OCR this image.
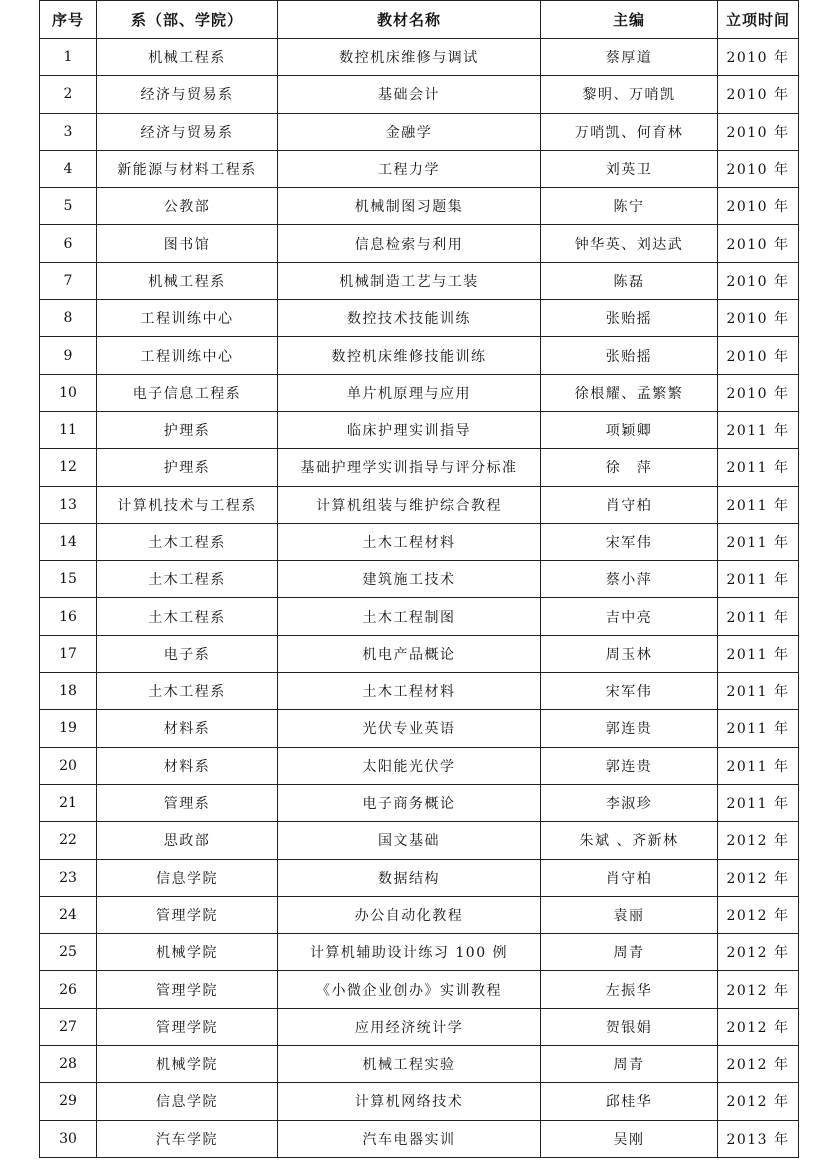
序号	系（部、学院）	教材名称	主编	立项时间
1	机械工程系	数控机床维修与调试	蔡厚道	2010 年
2	经济与贸易系	基础会计	黎明、万哨凯	2010 年
3	经济与贸易系	金融学	万哨凯、何育林	2010 年
4	新能源与材料工程系	工程力学	刘英卫	2010 年
5	公教部	机械制图习题集	陈宁	2010 年
6	图书馆	信息检索与利用	钟华英、刘达武	2010 年
7	机械工程系	机械制造工艺与工装	陈磊	2010 年
8	工程训练中心	数控技术技能训练	张贻摇	2010 年
9	工程训练中心	数控机床维修技能训练	张贻摇	2010 年
10	电子信息工程系	单片机原理与应用	徐根耀、孟繁繁	2010 年
11	护理系	临床护理实训指导	项颖卿	2011 年
12	护理系	基础护理学实训指导与评分标准	徐　萍	2011 年
13	计算机技术与工程系	计算机组装与维护综合教程	肖守柏	2011 年
14	土木工程系	土木工程材料	宋军伟	2011 年
15	土木工程系	建筑施工技术	蔡小萍	2011 年
16	土木工程系	土木工程制图	吉中亮	2011 年
17	电子系	机电产品概论	周玉林	2011 年
18	土木工程系	土木工程材料	宋军伟	2011 年
19	材料系	光伏专业英语	郭连贵	2011 年
20	材料系	太阳能光伏学	郭连贵	2011 年
21	管理系	电子商务概论	李淑珍	2011 年
22	思政部	国文基础	朱斌 、齐新林	2012 年
23	信息学院	数据结构	肖守柏	2012 年
24	管理学院	办公自动化教程	袁丽	2012 年
25	机械学院	计算机辅助设计练习 100 例	周青	2012 年
26	管理学院	《小微企业创办》实训教程	左振华	2012 年
27	管理学院	应用经济统计学	贺银娟	2012 年
28	机械学院	机械工程实验	周青	2012 年
29	信息学院	计算机网络技术	邱桂华	2012 年
30	汽车学院	汽车电器实训	吴刚	2013 年
